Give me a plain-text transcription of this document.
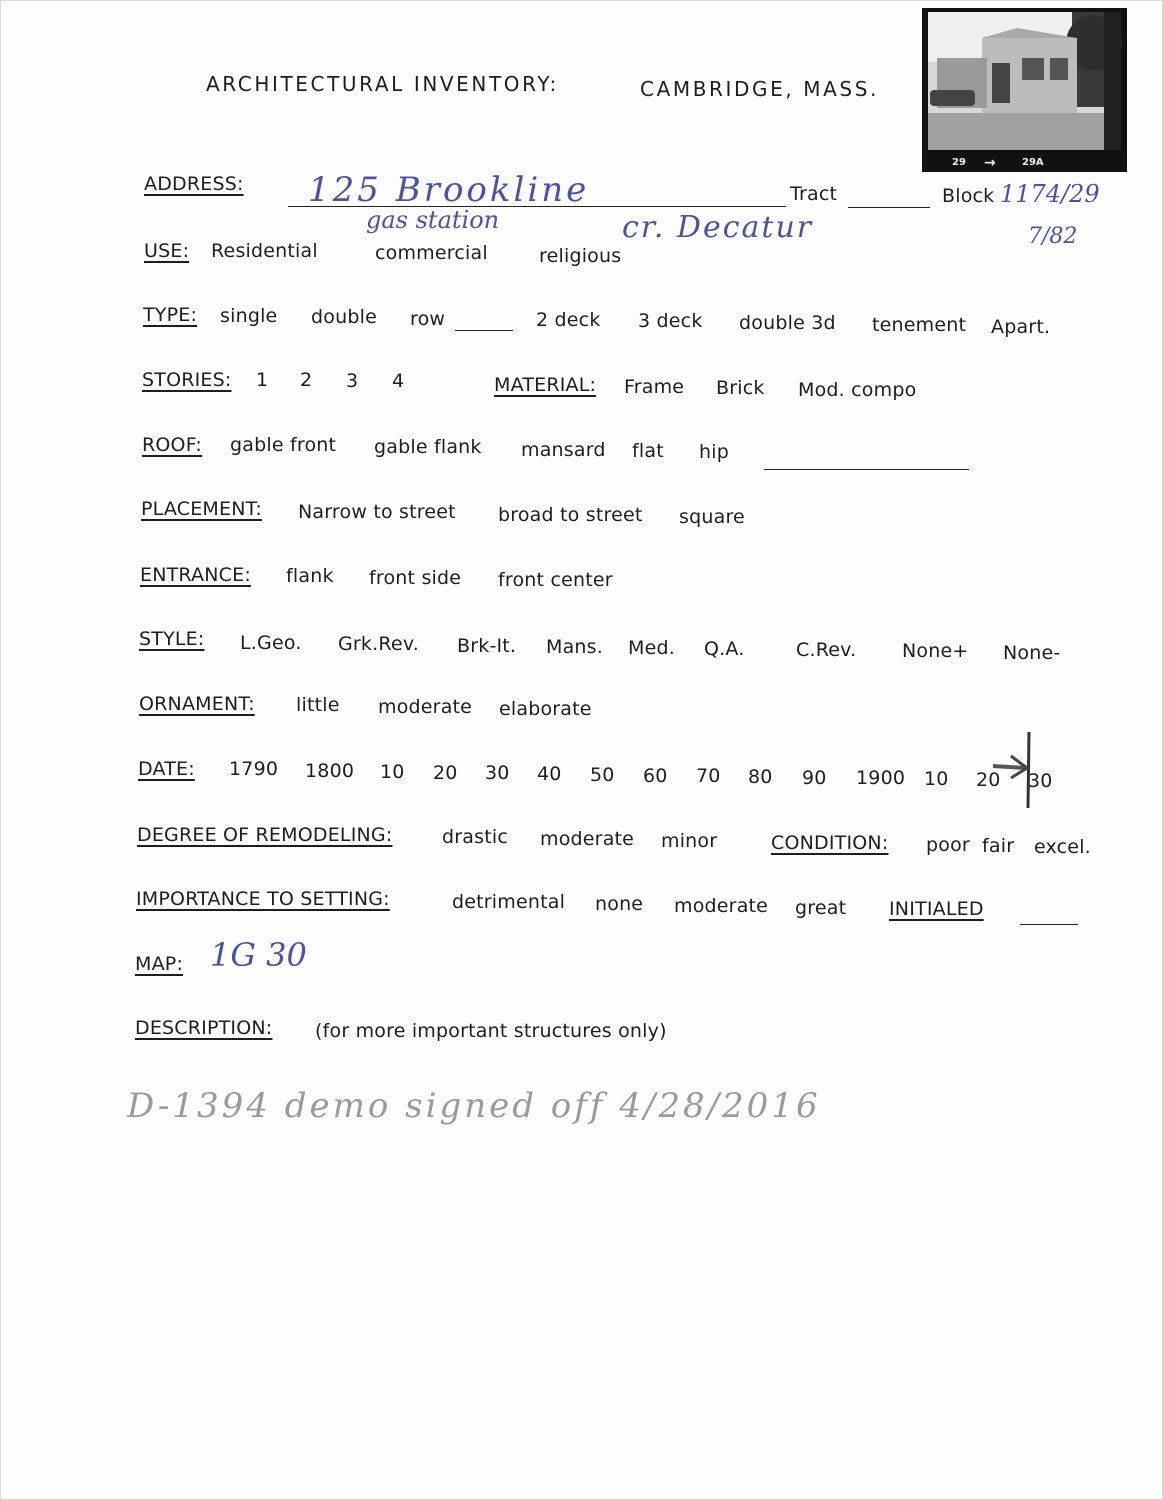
ARCHITECTURAL INVENTORY:	CAMBRIDGE, MASS.
29 →	29A
ADDRESS: 125 Brookline	Tract	Block 1174/29
7/82
gas station	cr. Decatur
USE: Residential	commercial	religious
TYPE: single double row	2 deck 3 deck double 3d tenement Apart.
STORIES: 1 2 3 4	MATERIAL: Frame Brick Mod. compo
ROOF: gable front gable flank mansard flat hip
PLACEMENT: Narrow to street broad to street square
ENTRANCE: flank front side front center
STYLE: L.Geo. Grk.Rev. Brk-It. Mans. Med. Q.A.	C.Rev. None+ None-
ORNAMENT: little moderate elaborate
DATE: 1790 1800 10 20 30 40 50 60 70 80 90 1900 10 20 30
DEGREE OF REMODELING:	drastic moderate minor	CONDITION: poor fair excel.
IMPORTANCE TO SETTING:	detrimental none moderate great INITIALED
MAP: 1G 30
DESCRIPTION: (for more important structures only)
D-1394 demo signed off 4/28/2016
